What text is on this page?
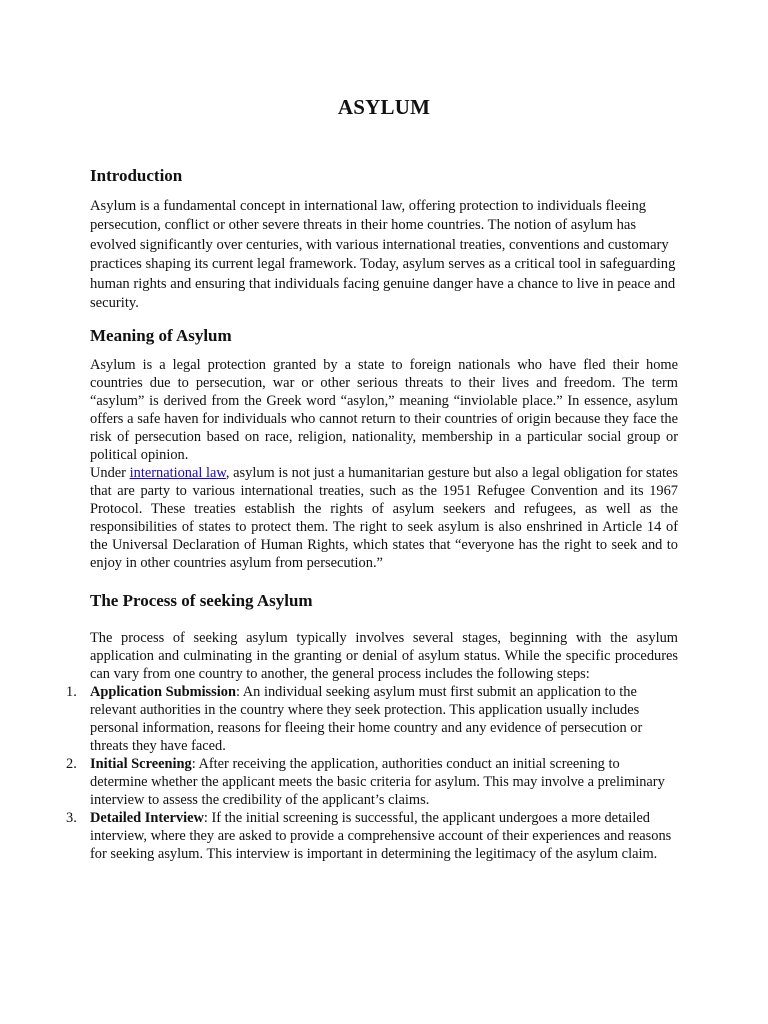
ASYLUM
Introduction

Asylum is a fundamental concept in international law, offering protection to individuals fleeing persecution, conflict or other severe threats in their home countries. The notion of asylum has evolved significantly over centuries, with various international treaties, conventions and customary practices shaping its current legal framework. Today, asylum serves as a critical tool in safeguarding human rights and ensuring that individuals facing genuine danger have a chance to live in peace and security.

Meaning of Asylum

Asylum is a legal protection granted by a state to foreign nationals who have fled their home countries due to persecution, war or other serious threats to their lives and freedom. The term “asylum” is derived from the Greek word “asylon,” meaning “inviolable place.” In essence, asylum offers a safe haven for individuals who cannot return to their countries of origin because they face the risk of persecution based on race, religion, nationality, membership in a particular social group or political opinion.

Under international law, asylum is not just a humanitarian gesture but also a legal obligation for states that are party to various international treaties, such as the 1951 Refugee Convention and its 1967 Protocol. These treaties establish the rights of asylum seekers and refugees, as well as the responsibilities of states to protect them. The right to seek asylum is also enshrined in Article 14 of the Universal Declaration of Human Rights, which states that “everyone has the right to seek and to enjoy in other countries asylum from persecution.”

The Process of seeking Asylum

The process of seeking asylum typically involves several stages, beginning with the asylum application and culminating in the granting or denial of asylum status. While the specific procedures can vary from one country to another, the general process includes the following steps:

1. Application Submission: An individual seeking asylum must first submit an application to the relevant authorities in the country where they seek protection. This application usually includes personal information, reasons for fleeing their home country and any evidence of persecution or threats they have faced.
2. Initial Screening: After receiving the application, authorities conduct an initial screening to determine whether the applicant meets the basic criteria for asylum. This may involve a preliminary interview to assess the credibility of the applicant’s claims.
3. Detailed Interview: If the initial screening is successful, the applicant undergoes a more detailed interview, where they are asked to provide a comprehensive account of their experiences and reasons for seeking asylum. This interview is important in determining the legitimacy of the asylum claim.
